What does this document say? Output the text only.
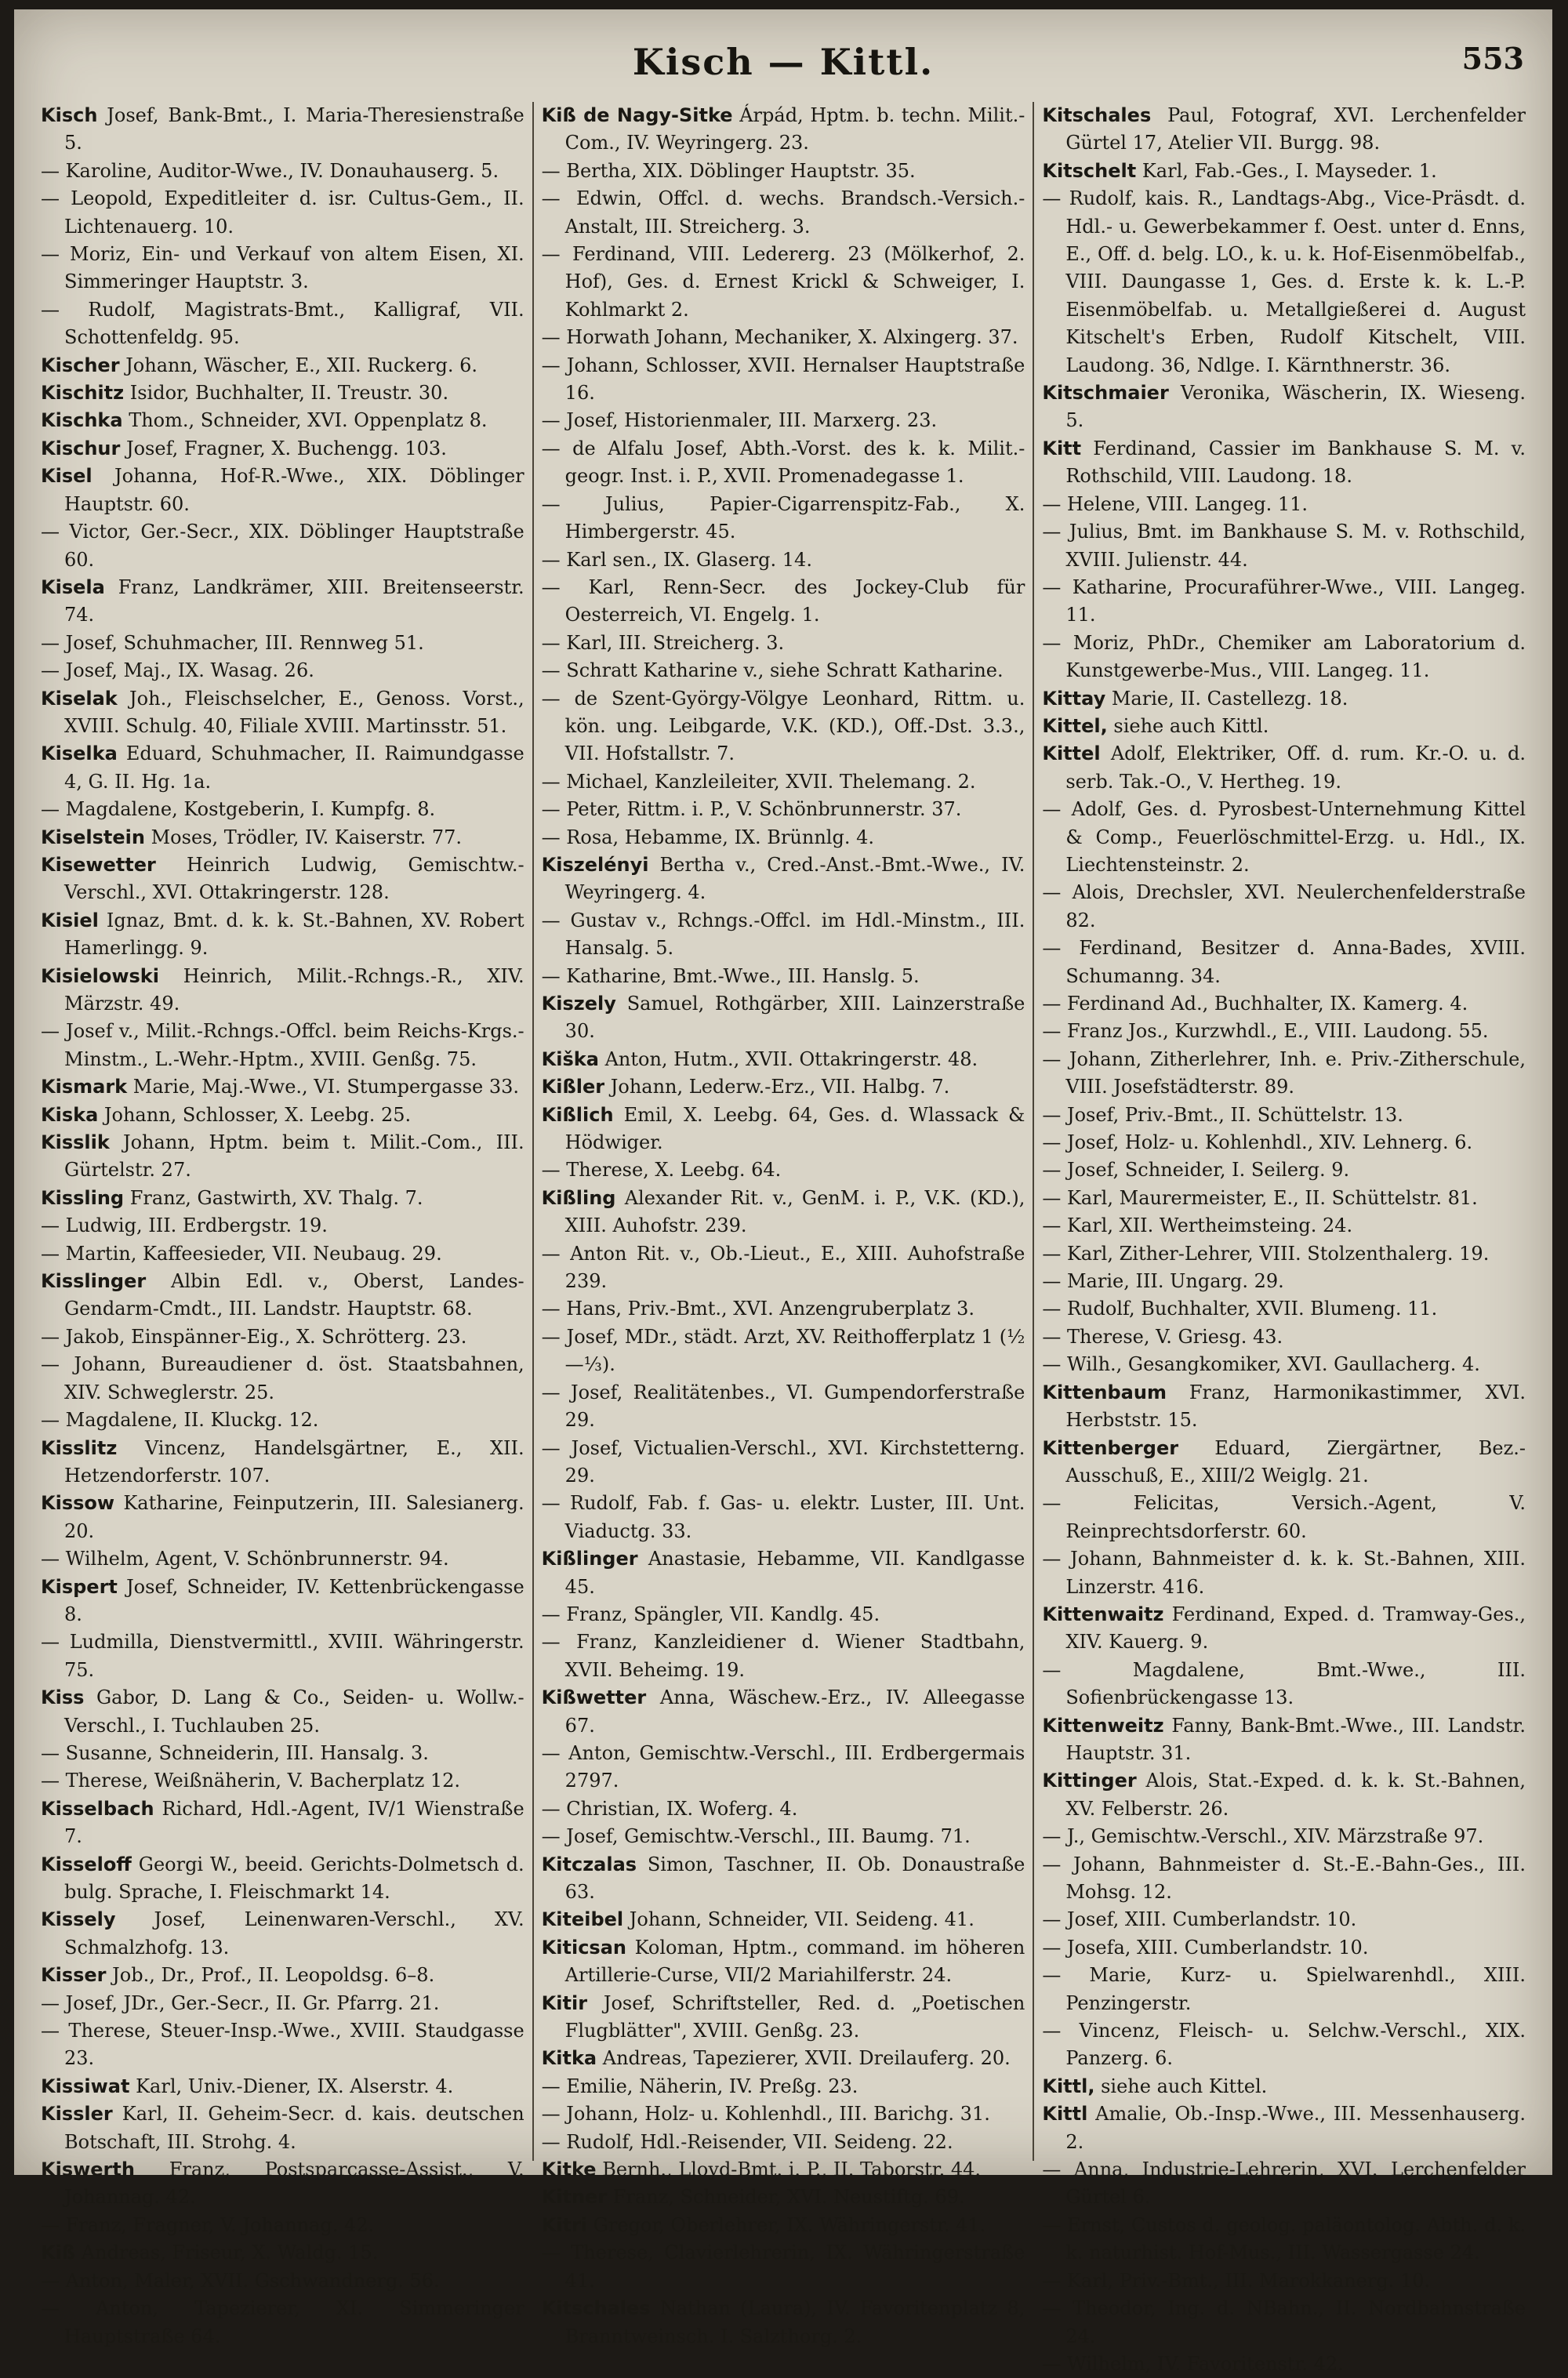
Kisch — Kittl.	553

Kisch Josef, Bank-Bmt., I. Maria-Theresienstraße 5.

— Karoline, Auditor-Wwe., IV. Donauhauserg. 5.

— Leopold, Expeditleiter d. isr. Cultus-Gem., II. Lichtenauerg. 10.

— Moriz, Ein- und Verkauf von altem Eisen, XI. Simmeringer Hauptstr. 3.

— Rudolf, Magistrats-Bmt., Kalligraf, VII. Schottenfeldg. 95.

Kischer Johann, Wäscher, E., XII. Ruckerg. 6.

Kischitz Isidor, Buchhalter, II. Treustr. 30.

Kischka Thom., Schneider, XVI. Oppenplatz 8.

Kischur Josef, Fragner, X. Buchengg. 103.

Kisel Johanna, Hof-R.-Wwe., XIX. Döblinger Hauptstr. 60.

— Victor, Ger.-Secr., XIX. Döblinger Hauptstraße 60.

Kisela Franz, Landkrämer, XIII. Breitenseerstr. 74.

— Josef, Schuhmacher, III. Rennweg 51.

— Josef, Maj., IX. Wasag. 26.

Kiselak Joh., Fleischselcher, E., Genoss. Vorst., XVIII. Schulg. 40, Filiale XVIII. Martinsstr. 51.

Kiselka Eduard, Schuhmacher, II. Raimundgasse 4, G. II. Hg. 1a.

— Magdalene, Kostgeberin, I. Kumpfg. 8.

Kiselstein Moses, Trödler, IV. Kaiserstr. 77.

Kisewetter Heinrich Ludwig, Gemischtw.-Verschl., XVI. Ottakringerstr. 128.

Kisiel Ignaz, Bmt. d. k. k. St.-Bahnen, XV. Robert Hamerlingg. 9.

Kisielowski Heinrich, Milit.-Rchngs.-R., XIV. Märzstr. 49.

— Josef v., Milit.-Rchngs.-Offcl. beim Reichs-Krgs.-Minstm., L.-Wehr.-Hptm., XVIII. Genßg. 75.

Kismark Marie, Maj.-Wwe., VI. Stumpergasse 33.

Kiska Johann, Schlosser, X. Leebg. 25.

Kisslik Johann, Hptm. beim t. Milit.-Com., III. Gürtelstr. 27.

Kissling Franz, Gastwirth, XV. Thalg. 7.

— Ludwig, III. Erdbergstr. 19.

— Martin, Kaffeesieder, VII. Neubaug. 29.

Kisslinger Albin Edl. v., Oberst, Landes-Gendarm-Cmdt., III. Landstr. Hauptstr. 68.

— Jakob, Einspänner-Eig., X. Schrötterg. 23.

— Johann, Bureaudiener d. öst. Staatsbahnen, XIV. Schweglerstr. 25.

— Magdalene, II. Kluckg. 12.

Kisslitz Vincenz, Handelsgärtner, E., XII. Hetzendorferstr. 107.

Kissow Katharine, Feinputzerin, III. Salesianerg. 20.

— Wilhelm, Agent, V. Schönbrunnerstr. 94.

Kispert Josef, Schneider, IV. Kettenbrückengasse 8.

— Ludmilla, Dienstvermittl., XVIII. Währingerstr. 75.

Kiss Gabor, D. Lang & Co., Seiden- u. Wollw.-Verschl., I. Tuchlauben 25.

— Susanne, Schneiderin, III. Hansalg. 3.

— Therese, Weißnäherin, V. Bacherplatz 12.

Kisselbach Richard, Hdl.-Agent, IV/1 Wienstraße 7.

Kisseloff Georgi W., beeid. Gerichts-Dolmetsch d. bulg. Sprache, I. Fleischmarkt 14.

Kissely Josef, Leinenwaren-Verschl., XV. Schmalzhofg. 13.

Kisser Job., Dr., Prof., II. Leopoldsg. 6–8.

— Josef, JDr., Ger.-Secr., II. Gr. Pfarrg. 21.

— Therese, Steuer-Insp.-Wwe., XVIII. Staudgasse 23.

Kissiwat Karl, Univ.-Diener, IX. Alserstr. 4.

Kissler Karl, II. Geheim-Secr. d. kais. deutschen Botschaft, III. Strohg. 4.

Kiswerth Franz, Postsparcasse-Assist., V. Johannag. 42.

— Franz, Fragner, V. Johannag. 42.

Kiß Andreas, Friseur, X. Waldg. 15.

— Anton, Maler, XVII. Gschwandnerg. 56.

— Anton, Tapezierer, XI. Simmeringer Hauptstraße 64.

Kiß de Nagy-Sitke Árpád, Hptm. b. techn. Milit.-Com., IV. Weyringerg. 23.

— Bertha, XIX. Döblinger Hauptstr. 35.

— Edwin, Offcl. d. wechs. Brandsch.-Versich.-Anstalt, III. Streicherg. 3.

— Ferdinand, VIII. Ledererg. 23 (Mölkerhof, 2. Hof), Ges. d. Ernest Krickl & Schweiger, I. Kohlmarkt 2.

— Horwath Johann, Mechaniker, X. Alxingerg. 37.

— Johann, Schlosser, XVII. Hernalser Hauptstraße 16.

— Josef, Historienmaler, III. Marxerg. 23.

— de Alfalu Josef, Abth.-Vorst. des k. k. Milit.-geogr. Inst. i. P., XVII. Promenadegasse 1.

— Julius, Papier-Cigarrenspitz-Fab., X. Himbergerstr. 45.

— Karl sen., IX. Glaserg. 14.

— Karl, Renn-Secr. des Jockey-Club für Oesterreich, VI. Engelg. 1.

— Karl, III. Streicherg. 3.

— Schratt Katharine v., siehe Schratt Katharine.

— de Szent-György-Völgye Leonhard, Rittm. u. kön. ung. Leibgarde, V.K. (KD.), Off.-Dst. 3.3., VII. Hofstallstr. 7.

— Michael, Kanzleileiter, XVII. Thelemang. 2.

— Peter, Rittm. i. P., V. Schönbrunnerstr. 37.

— Rosa, Hebamme, IX. Brünnlg. 4.

Kiszelényi Bertha v., Cred.-Anst.-Bmt.-Wwe., IV. Weyringerg. 4.

— Gustav v., Rchngs.-Offcl. im Hdl.-Minstm., III. Hansalg. 5.

— Katharine, Bmt.-Wwe., III. Hanslg. 5.

Kiszely Samuel, Rothgärber, XIII. Lainzerstraße 30.

Kiška Anton, Hutm., XVII. Ottakringerstr. 48.

Kißler Johann, Lederw.-Erz., VII. Halbg. 7.

Kißlich Emil, X. Leebg. 64, Ges. d. Wlassack & Hödwiger.

— Therese, X. Leebg. 64.

Kißling Alexander Rit. v., GenM. i. P., V.K. (KD.), XIII. Auhofstr. 239.

— Anton Rit. v., Ob.-Lieut., E., XIII. Auhofstraße 239.

— Hans, Priv.-Bmt., XVI. Anzengruberplatz 3.

— Josef, MDr., städt. Arzt, XV. Reithofferplatz 1 (½—⅓).

— Josef, Realitätenbes., VI. Gumpendorferstraße 29.

— Josef, Victualien-Verschl., XVI. Kirchstetterng. 29.

— Rudolf, Fab. f. Gas- u. elektr. Luster, III. Unt. Viaductg. 33.

Kißlinger Anastasie, Hebamme, VII. Kandlgasse 45.

— Franz, Spängler, VII. Kandlg. 45.

— Franz, Kanzleidiener d. Wiener Stadtbahn, XVII. Beheimg. 19.

Kißwetter Anna, Wäschew.-Erz., IV. Alleegasse 67.

— Anton, Gemischtw.-Verschl., III. Erdbergermais 2797.

— Christian, IX. Woferg. 4.

— Josef, Gemischtw.-Verschl., III. Baumg. 71.

Kitczalas Simon, Taschner, II. Ob. Donaustraße 63.

Kiteibel Johann, Schneider, VII. Seideng. 41.

Kiticsan Koloman, Hptm., command. im höheren Artillerie-Curse, VII/2 Mariahilferstr. 24.

Kitir Josef, Schriftsteller, Red. d. „Poetischen Flugblätter", XVIII. Genßg. 23.

Kitka Andreas, Tapezierer, XVII. Dreilauferg. 20.

— Emilie, Näherin, IV. Preßg. 23.

— Johann, Holz- u. Kohlenhdl., III. Barichg. 31.

— Rudolf, Hdl.-Reisender, VII. Seideng. 22.

Kitke Bernh., Lloyd-Bmt. i. P., II. Taborstr. 44.

Kitner Franz, Schneider, XVI. Neustiftg. 69.

Kitri Gregor, Oberlehrer, IX. Währingerstr. 41.

— Therese, Clavierlehrerin, IX. Währingerstraße 41.

Kitschales Nathan (Laura), IV. Favoritenplatz 8, Branntweinsch. I. Salzthorg. 2.

Kitschales Paul, Fotograf, XVI. Lerchenfelder Gürtel 17, Atelier VII. Burgg. 98.

Kitschelt Karl, Fab.-Ges., I. Mayseder. 1.

— Rudolf, kais. R., Landtags-Abg., Vice-Präsdt. d. Hdl.- u. Gewerbekammer f. Oest. unter d. Enns, E., Off. d. belg. LO., k. u. k. Hof-Eisenmöbelfab., VIII. Daungasse 1, Ges. d. Erste k. k. L.-P. Eisenmöbelfab. u. Metallgießerei d. August Kitschelt's Erben, Rudolf Kitschelt, VIII. Laudong. 36, Ndlge. I. Kärnthnerstr. 36.

Kitschmaier Veronika, Wäscherin, IX. Wieseng. 5.

Kitt Ferdinand, Cassier im Bankhause S. M. v. Rothschild, VIII. Laudong. 18.

— Helene, VIII. Langeg. 11.

— Julius, Bmt. im Bankhause S. M. v. Rothschild, XVIII. Julienstr. 44.

— Katharine, Procuraführer-Wwe., VIII. Langeg. 11.

— Moriz, PhDr., Chemiker am Laboratorium d. Kunstgewerbe-Mus., VIII. Langeg. 11.

Kittay Marie, II. Castellezg. 18.

Kittel, siehe auch Kittl.

Kittel Adolf, Elektriker, Off. d. rum. Kr.-O. u. d. serb. Tak.-O., V. Hertheg. 19.

— Adolf, Ges. d. Pyrosbest-Unternehmung Kittel & Comp., Feuerlöschmittel-Erzg. u. Hdl., IX. Liechtensteinstr. 2.

— Alois, Drechsler, XVI. Neulerchenfelderstraße 82.

— Ferdinand, Besitzer d. Anna-Bades, XVIII. Schumanng. 34.

— Ferdinand Ad., Buchhalter, IX. Kamerg. 4.

— Franz Jos., Kurzwhdl., E., VIII. Laudong. 55.

— Johann, Zitherlehrer, Inh. e. Priv.-Zitherschule, VIII. Josefstädterstr. 89.

— Josef, Priv.-Bmt., II. Schüttelstr. 13.

— Josef, Holz- u. Kohlenhdl., XIV. Lehnerg. 6.

— Josef, Schneider, I. Seilerg. 9.

— Karl, Maurermeister, E., II. Schüttelstr. 81.

— Karl, XII. Wertheimsteing. 24.

— Karl, Zither-Lehrer, VIII. Stolzenthalerg. 19.

— Marie, III. Ungarg. 29.

— Rudolf, Buchhalter, XVII. Blumeng. 11.

— Therese, V. Griesg. 43.

— Wilh., Gesangkomiker, XVI. Gaullacherg. 4.

Kittenbaum Franz, Harmonikastimmer, XVI. Herbststr. 15.

Kittenberger Eduard, Ziergärtner, Bez.-Ausschuß, E., XIII/2 Weiglg. 21.

— Felicitas, Versich.-Agent, V. Reinprechtsdorferstr. 60.

— Johann, Bahnmeister d. k. k. St.-Bahnen, XIII. Linzerstr. 416.

Kittenwaitz Ferdinand, Exped. d. Tramway-Ges., XIV. Kauerg. 9.

— Magdalene, Bmt.-Wwe., III. Sofienbrückengasse 13.

Kittenweitz Fanny, Bank-Bmt.-Wwe., III. Landstr. Hauptstr. 31.

Kittinger Alois, Stat.-Exped. d. k. k. St.-Bahnen, XV. Felberstr. 26.

— J., Gemischtw.-Verschl., XIV. Märzstraße 97.

— Johann, Bahnmeister d. St.-E.-Bahn-Ges., III. Mohsg. 12.

— Josef, XIII. Cumberlandstr. 10.

— Josefa, XIII. Cumberlandstr. 10.

— Marie, Kurz- u. Spielwarenhdl., XIII. Penzingerstr.

— Vincenz, Fleisch- u. Selchw.-Verschl., XIX. Panzerg. 6.

Kittl, siehe auch Kittel.

Kittl Amalie, Ob.-Insp.-Wwe., III. Messenhauserg. 2.

— Anna, Industrie-Lehrerin, XVI. Lerchenfelder Gürtel 6.

— Ernst, Custos d. geolog. paläontolog. Abth. d. k. k. naturhist. Hof-Mus., III. Wassergasse 24.

— Karl, Priv.-Bmt., III. Marokkanerg. 10.

— Theodor, Ing. d. NBahn., II. Nordbahnstraße 24.

— Wilhelm, IV. Favoritenstr. 42.
